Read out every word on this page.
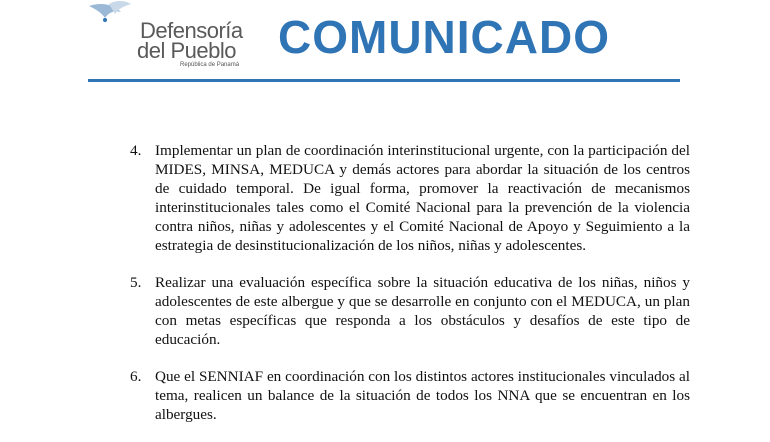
Defensoría
del Pueblo
República de Panamá
COMUNICADO
4. Implementar un plan de coordinación interinstitucional urgente, con la participación del MIDES, MINSA, MEDUCA y demás actores para abordar la situación de los centros de cuidado temporal. De igual forma, promover la reactivación de mecanismos interinstitucionales tales como el Comité Nacional para la prevención de la violencia contra niños, niñas y adolescentes y el Comité Nacional de Apoyo y Seguimiento a la estrategia de desinstitucionalización de los niños, niñas y adolescentes.
5. Realizar una evaluación específica sobre la situación educativa de los niñas, niños y adolescentes de este albergue y que se desarrolle en conjunto con el MEDUCA, un plan con metas específicas que responda a los obstáculos y desafíos de este tipo de educación.
6. Que el SENNIAF en coordinación con los distintos actores institucionales vinculados al tema, realicen un balance de la situación de todos los NNA que se encuentran en los albergues.
